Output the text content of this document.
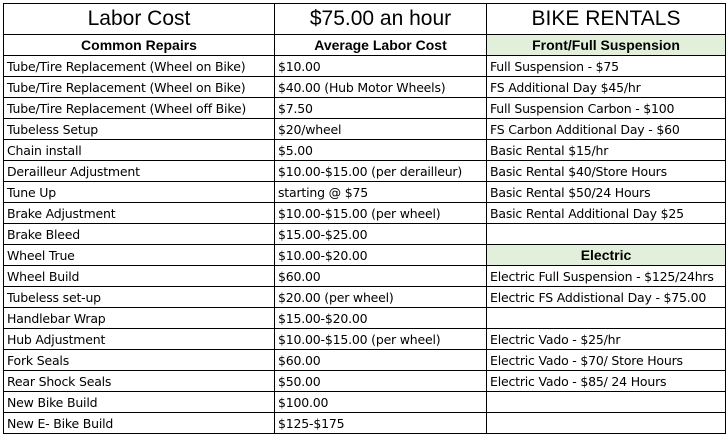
Labor Cost	$75.00 an hour	BIKE RENTALS
Common Repairs	Average Labor Cost	Front/Full Suspension
Tube/Tire Replacement (Wheel on Bike)	$10.00	Full Suspension - $75
Tube/Tire Replacement (Wheel on Bike)	$40.00 (Hub Motor Wheels)	FS Additional Day $45/hr
Tube/Tire Replacement (Wheel off Bike)	$7.50	Full Suspension Carbon - $100
Tubeless Setup	$20/wheel	FS Carbon Additional Day - $60
Chain install	$5.00	Basic Rental $15/hr
Derailleur Adjustment	$10.00-$15.00 (per derailleur)	Basic Rental $40/Store Hours
Tune Up	starting @ $75	Basic Rental $50/24 Hours
Brake Adjustment	$10.00-$15.00 (per wheel)	Basic Rental Additional Day $25
Brake Bleed	$15.00-$25.00	
Wheel True	$10.00-$20.00	Electric
Wheel Build	$60.00	Electric Full Suspension - $125/24hrs
Tubeless set-up	$20.00 (per wheel)	Electric FS Addistional Day - $75.00
Handlebar Wrap	$15.00-$20.00	
Hub Adjustment	$10.00-$15.00 (per wheel)	Electric Vado - $25/hr
Fork Seals	$60.00	Electric Vado - $70/ Store Hours
Rear Shock Seals	$50.00	Electric Vado - $85/ 24 Hours
New Bike Build	$100.00	
New E- Bike Build	$125-$175	
